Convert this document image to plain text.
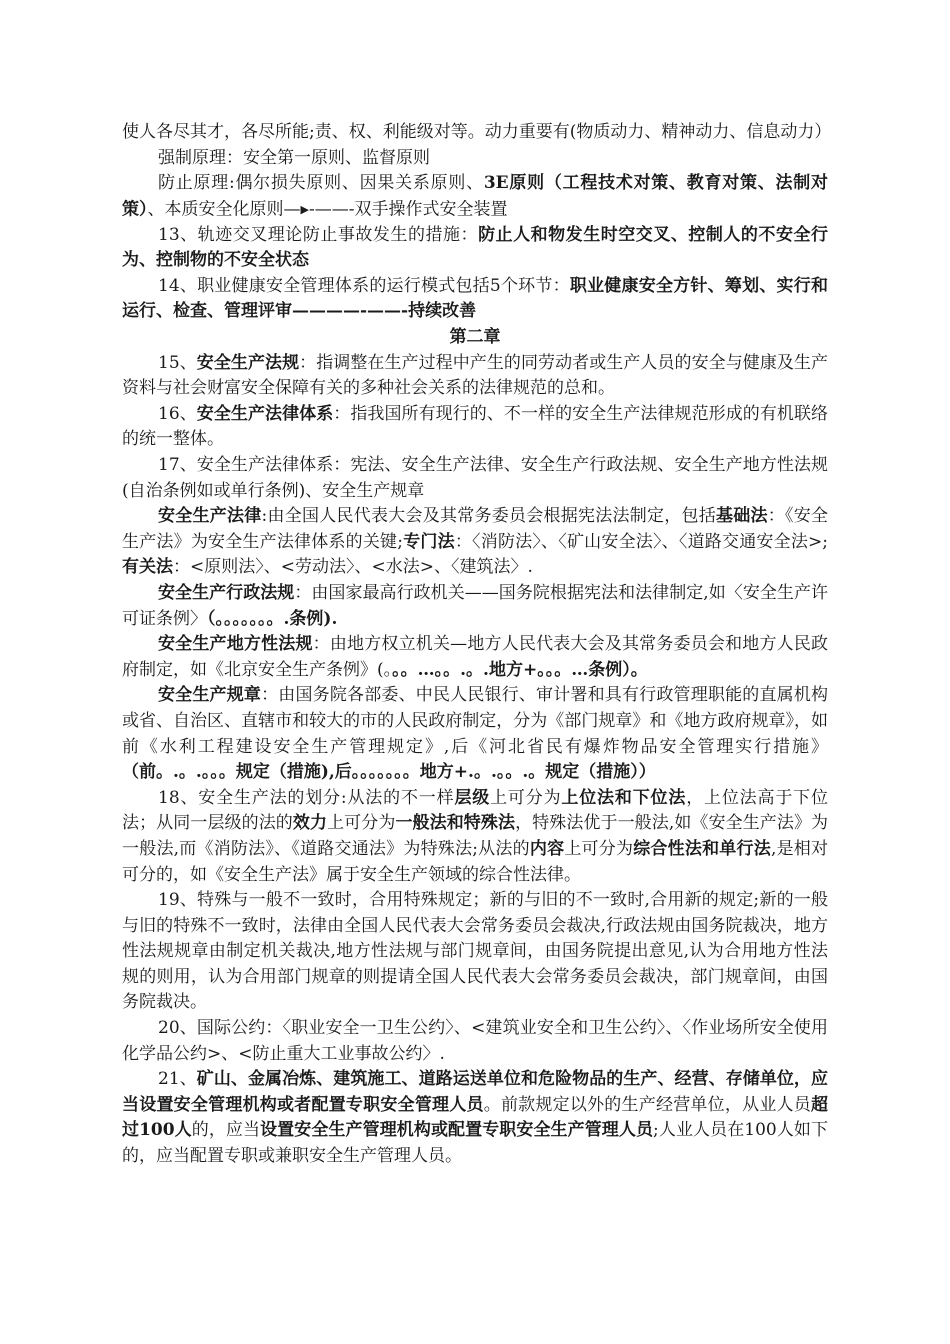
使人各尽其才，各尽所能;责、权、利能级对等。动力重要有(物质动力、精神动力、信息动力）

强制原理：安全第一原则、监督原则

防止原理:偶尔损失原则、因果关系原则、3E原则（工程技术对策、教育对策、法制对策）、本质安全化原则—▶-——-双手操作式安全装置

13、轨迹交叉理论防止事故发生的措施：防止人和物发生时空交叉、控制人的不安全行为、控制物的不安全状态

14、职业健康安全管理体系的运行模式包括5个环节：职业健康安全方针、筹划、实行和运行、检查、管理评审————-——-持续改善

第二章

15、安全生产法规：指调整在生产过程中产生的同劳动者或生产人员的安全与健康及生产资料与社会财富安全保障有关的多种社会关系的法律规范的总和。

16、安全生产法律体系：指我国所有现行的、不一样的安全生产法律规范形成的有机联络的统一整体。

17、安全生产法律体系：宪法、安全生产法律、安全生产行政法规、安全生产地方性法规(自治条例如或单行条例)、安全生产规章

安全生产法律:由全国人民代表大会及其常务委员会根据宪法法制定，包括基础法：《安全生产法》为安全生产法律体系的关键;专门法：〈消防法〉、〈矿山安全法〉、〈道路交通安全法>;有关法：<原则法〉、<劳动法〉、<水法>、〈建筑法〉.

安全生产行政法规：由国家最高行政机关——国务院根据宪法和法律制定,如〈安全生产许可证条例〉（。。。。。。。.条例).

安全生产地方性法规：由地方权立机关—地方人民代表大会及其常务委员会和地方人民政府制定，如《北京安全生产条例》(。。。…。。.。.地方+。。。…条例）。

安全生产规章：由国务院各部委、中民人民银行、审计署和具有行政管理职能的直属机构或省、自治区、直辖市和较大的市的人民政府制定，分为《部门规章》和《地方政府规章》，如前《水利工程建设安全生产管理规定》,后《河北省民有爆炸物品安全管理实行措施》（前。.。.。。。规定（措施),后。。。。。。。地方+.。.。。.。规定（措施））

18、安全生产法的划分:从法的不一样层级上可分为上位法和下位法，上位法高于下位法；从同一层级的法的效力上可分为一般法和特殊法，特殊法优于一般法,如《安全生产法》为一般法,而《消防法》、《道路交通法》为特殊法;从法的内容上可分为综合性法和单行法,是相对可分的，如《安全生产法》属于安全生产领域的综合性法律。

19、特殊与一般不一致时，合用特殊规定；新的与旧的不一致时,合用新的规定;新的一般与旧的特殊不一致时，法律由全国人民代表大会常务委员会裁决,行政法规由国务院裁决，地方性法规规章由制定机关裁决,地方性法规与部门规章间，由国务院提出意见,认为合用地方性法规的则用，认为合用部门规章的则提请全国人民代表大会常务委员会裁决，部门规章间，由国务院裁决。

20、国际公约：〈职业安全一卫生公约〉、<建筑业安全和卫生公约〉、〈作业场所安全使用化学品公约>、<防止重大工业事故公约〉.

21、矿山、金属冶炼、建筑施工、道路运送单位和危险物品的生产、经营、存储单位，应当设置安全管理机构或者配置专职安全管理人员。前款规定以外的生产经营单位，从业人员超过100人的，应当设置安全生产管理机构或配置专职安全生产管理人员;人业人员在100人如下的，应当配置专职或兼职安全生产管理人员。
